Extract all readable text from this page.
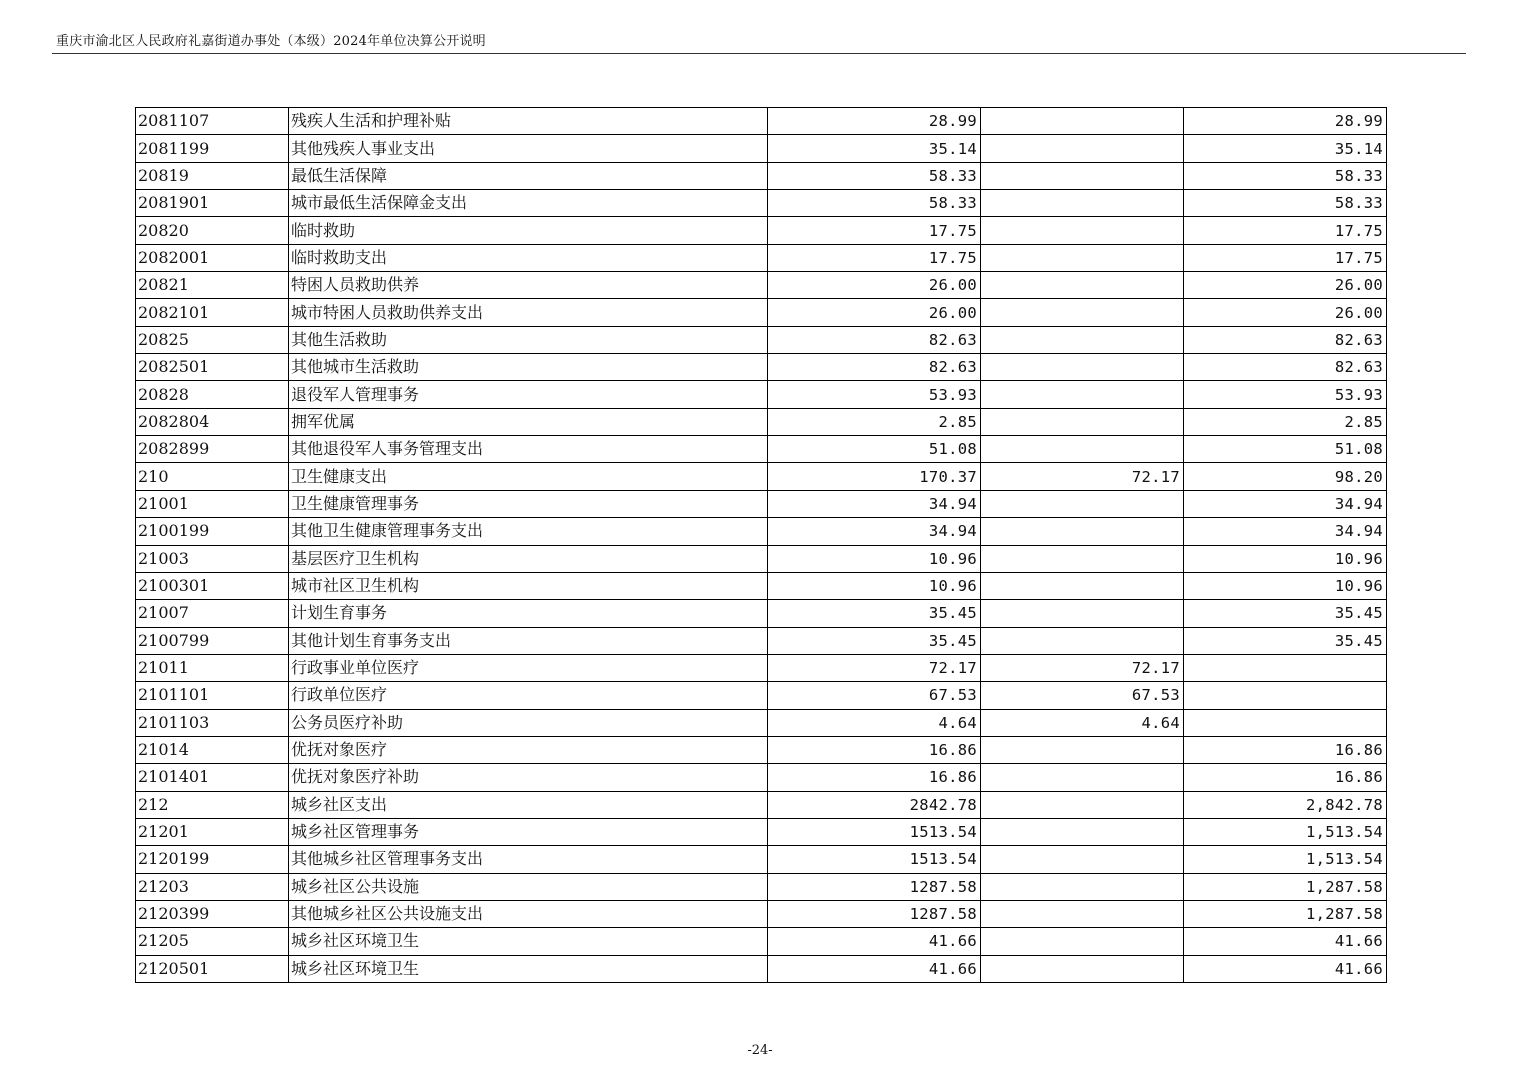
重庆市渝北区人民政府礼嘉街道办事处（本级）2024年单位决算公开说明
2081107	残疾人生活和护理补贴	28.99		28.99
2081199	其他残疾人事业支出	35.14		35.14
20819	最低生活保障	58.33		58.33
2081901	城市最低生活保障金支出	58.33		58.33
20820	临时救助	17.75		17.75
2082001	临时救助支出	17.75		17.75
20821	特困人员救助供养	26.00		26.00
2082101	城市特困人员救助供养支出	26.00		26.00
20825	其他生活救助	82.63		82.63
2082501	其他城市生活救助	82.63		82.63
20828	退役军人管理事务	53.93		53.93
2082804	拥军优属	2.85		2.85
2082899	其他退役军人事务管理支出	51.08		51.08
210	卫生健康支出	170.37	72.17	98.20
21001	卫生健康管理事务	34.94		34.94
2100199	其他卫生健康管理事务支出	34.94		34.94
21003	基层医疗卫生机构	10.96		10.96
2100301	城市社区卫生机构	10.96		10.96
21007	计划生育事务	35.45		35.45
2100799	其他计划生育事务支出	35.45		35.45
21011	行政事业单位医疗	72.17	72.17	
2101101	行政单位医疗	67.53	67.53	
2101103	公务员医疗补助	4.64	4.64	
21014	优抚对象医疗	16.86		16.86
2101401	优抚对象医疗补助	16.86		16.86
212	城乡社区支出	2842.78		2,842.78
21201	城乡社区管理事务	1513.54		1,513.54
2120199	其他城乡社区管理事务支出	1513.54		1,513.54
21203	城乡社区公共设施	1287.58		1,287.58
2120399	其他城乡社区公共设施支出	1287.58		1,287.58
21205	城乡社区环境卫生	41.66		41.66
2120501	城乡社区环境卫生	41.66		41.66
-24-
